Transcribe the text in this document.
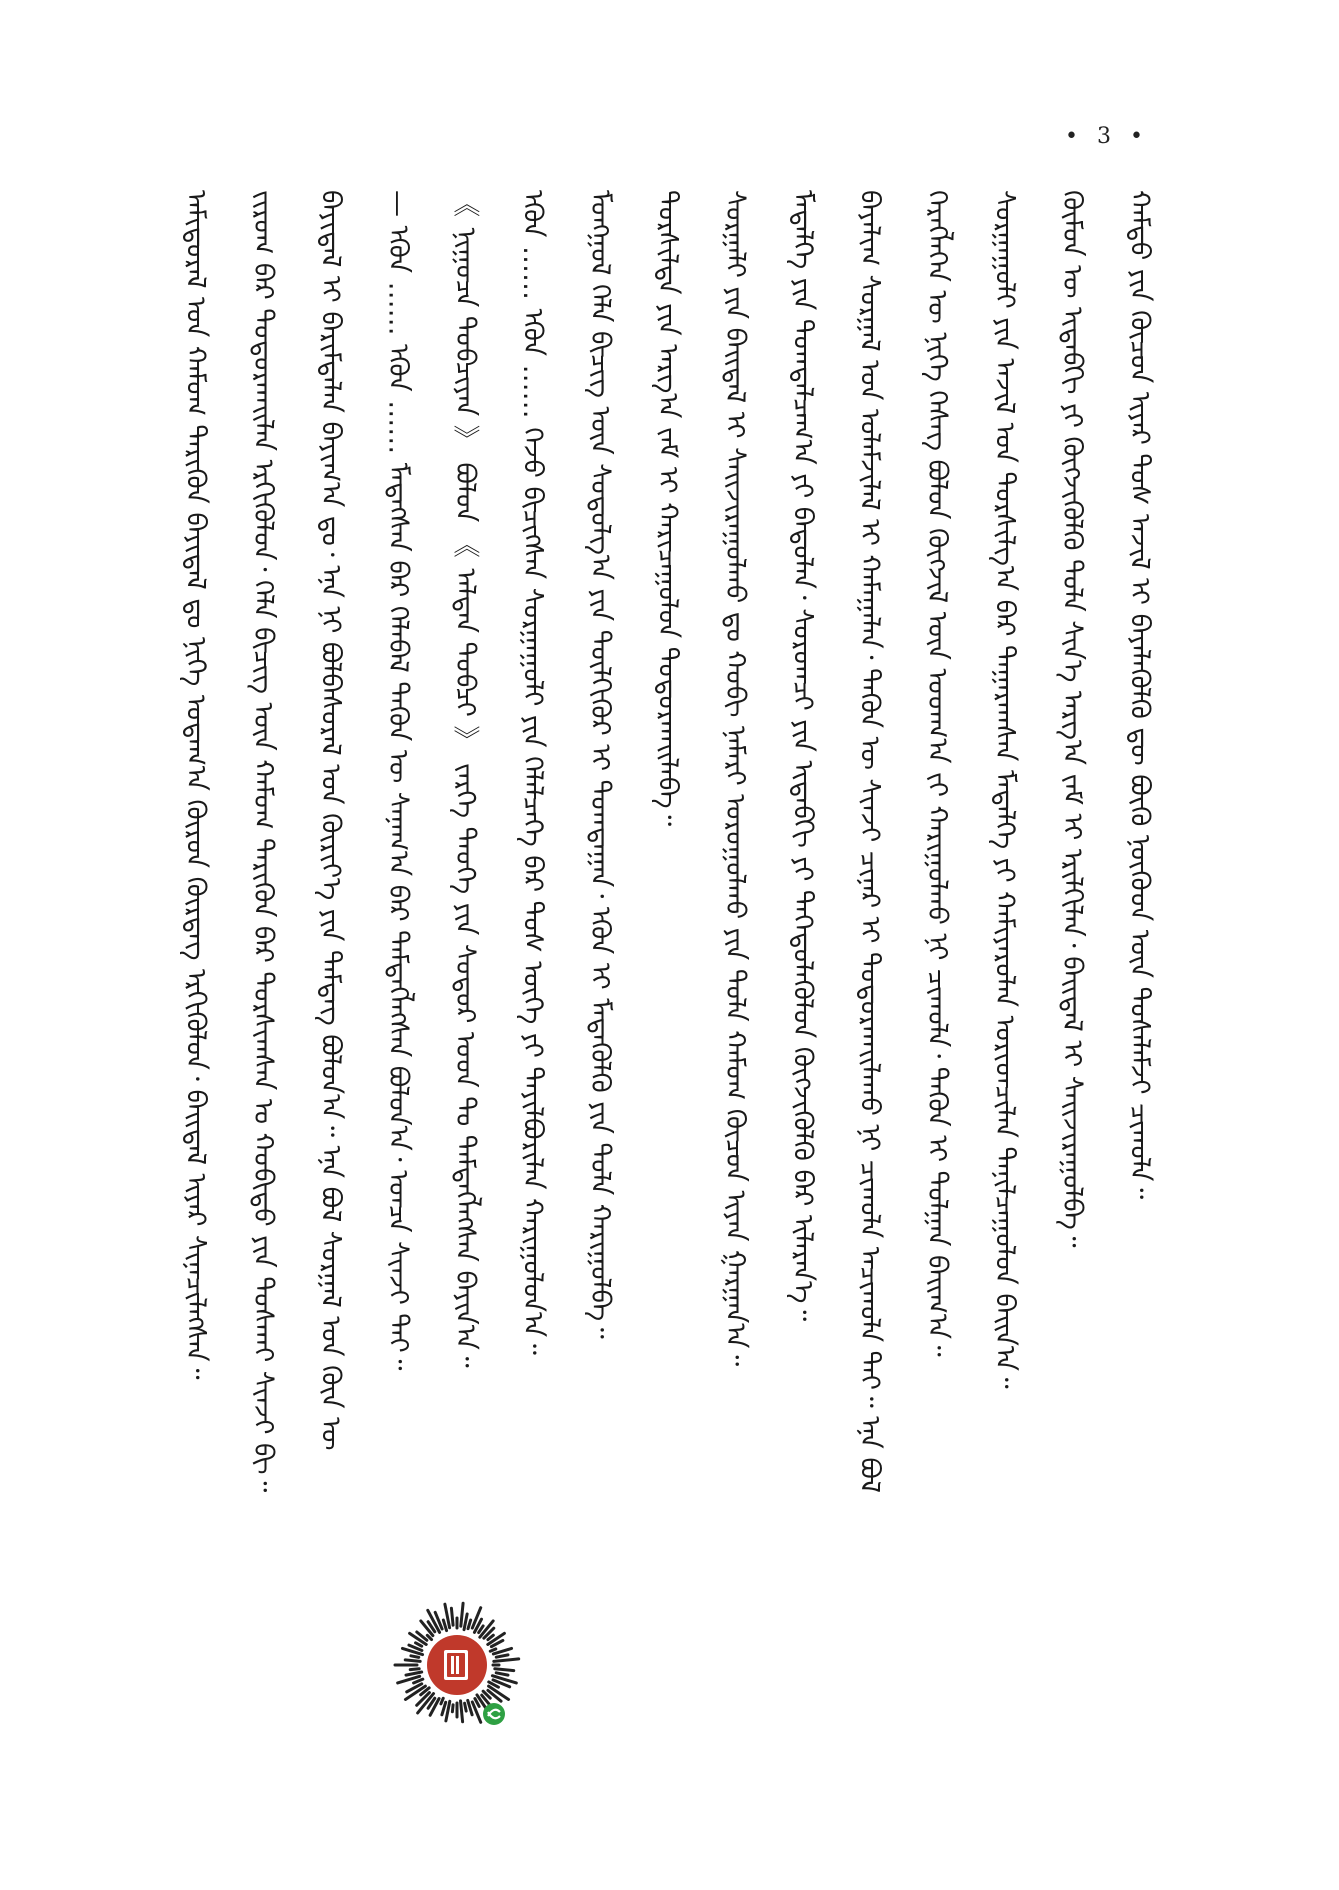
• 3 •
ᠠᠮᠢᠳᠤᠷᠠᠯ ᠤᠨ ᠬᠠᠮᠤᠭ ᠲᠡᠷᠢᠭᠦᠨ ᠪᠠᠶᠢᠳᠠᠯ ᠳᠤ ᠨᠢᠭᠡ ᠤᠳᠠᠭ᠎ᠠ ᠬᠦᠷᠦᠨ ᠬᠦᠷᠳᠡᠭ ᠡᠷᠭᠢᠭᠦᠯᠦᠨ᠂ ᠪᠠᠢᠳᠠᠯ ᠢᠶᠠᠷ ᠰᠢᠨᠡᠴᠢᠯᠡᠭᠰᠡᠨ᠃	ᠵᠢᠷᠤᠭ ᠪᠡᠷ ᠲᠤᠳᠤᠷᠬᠠᠢᠯᠠᠨ ᠡᠷᠭᠢᠭᠦᠯᠦᠨ᠂ ᠬᠡᠯᠡ ᠪᠢᠴᠢᠭ ᠦᠨ ᠬᠠᠮᠤᠭ ᠲᠡᠷᠢᠭᠦᠨ ᠪᠡᠷ ᠲᠤᠷᠰᠢᠭᠰᠠᠨ ᠤ ᠬᠤᠪᠢᠳᠤ ᠶᠢᠨ ᠲᠤᠰᠬᠠᠢ ᠰᠢᠨᠵᠢ ᠪᠢ᠃	ᠪᠠᠶᠢᠳᠠᠯ ᠢ ᠪᠠᠷᠢᠮᠲᠠᠯᠠᠨ ᠪᠠᠶᠢᠭ᠎ᠠ ᠳᠤ᠂ ᠡᠨᠡ ᠨᠢ ᠪᠤᠯᠪᠠᠰᠤᠷᠠᠯ ᠤᠨ ᠬᠦᠷᠢᠶ᠎ᠡ ᠶᠢᠨ ᠲᠡᠮᠳᠡᠭ ᠪᠤᠯᠤᠨ᠎ᠠ᠃ ᠡᠨᠡ ᠪᠤᠯ ᠰᠤᠷᠭᠠᠯ ᠤᠨ ᠬᠦᠨ ᠦ	— ᠡᠭᠦᠨ …… ᠡᠭᠦᠨ …… ᠮᠡᠳᠡᠭᠰᠡᠨ ᠪᠡᠷ ᠬᠡᠯᠡᠪᠡᠯ ᠲᠡᠭᠦᠨ ᠦ ᠰᠠᠨᠠᠭ᠎ᠠ ᠪᠡᠷ ᠲᠡᠮᠳᠡᠭᠯᠡᠭᠰᠡᠨ ᠪᠤᠯᠤᠨ᠎ᠠ᠂ ᠣᠨᠴᠠ ᠰᠢᠨᠵᠢ ᠲᠡᠢ᠃	《 ᠨᠢᠭᠤᠴᠠ ᠲᠣᠪᠴᠢᠶᠠᠨ 》 ᠪᠣᠯᠣᠨ 《 ᠠᠯᠲᠠᠨ ᠲᠣᠪᠴᠢ 》 ᠵᠡᠷᠭᠡ ᠲᠡᠦᠬᠡ ᠶᠢᠨ ᠰᠤᠳᠤᠷ ᠤᠳ ᠲᠤ ᠲᠡᠮᠳᠡᠭᠯᠡᠭᠰᠡᠨ ᠪᠠᠶᠢᠨ᠎ᠠ᠃	ᠡᠭᠦᠨ …… ᠡᠭᠦᠨ …… ᠭᠡᠵᠦ ᠪᠢᠴᠢᠭᠰᠡᠨ ᠰᠤᠷᠭᠠᠭᠤᠯᠢ ᠶᠢᠨ ᠬᠡᠯᠡᠯᠴᠡᠭᠡ ᠪᠡᠷ ᠲᠤᠰ ᠦᠭᠡ ᠶᠢ ᠲᠠᠶᠢᠯᠪᠤᠷᠢᠯᠠᠨ ᠬᠠᠷᠢᠭᠤᠯᠤᠨ᠎ᠠ᠃	ᠮᠤᠩᠭᠤᠯ ᠬᠡᠯᠡ ᠪᠢᠴᠢᠭ ᠦᠨ ᠰᠤᠳᠤᠯᠭ᠎ᠠ ᠶᠢᠨ ᠲᠦᠯᠬᠢᠭᠦᠷ ᠢ ᠲᠣᠭᠲᠠᠭᠠᠨ᠂ ᠡᠭᠦᠨ ᠢ ᠮᠡᠳᠡᠭᠦᠯᠬᠦ ᠶᠢᠨ ᠲᠤᠯᠠ ᠬᠠᠷᠢᠭᠤᠯᠪᠠ᠃	ᠲᠤᠷᠰᠢᠯᠲᠠ ᠶᠢᠨ ᠠᠷᠭ᠎ᠠ ᠵᠠᠮ ᠢ ᠬᠠᠷᠢᠴᠠᠭᠤᠯᠤᠨ ᠲᠣᠳᠤᠷᠬᠠᠢᠯᠠᠪᠠ᠃	ᠰᠤᠷᠭᠠᠯᠢ ᠶᠢᠨ ᠪᠠᠢᠳᠠᠯ ᠢ ᠰᠠᠢᠵᠢᠷᠠᠭᠤᠯᠬᠤ ᠳᠤ ᠬᠤᠪᠢ ᠨᠡᠮᠡᠷᠢ ᠣᠷᠣᠭᠤᠯᠬᠤ ᠶᠢᠨ ᠲᠤᠯᠠ ᠬᠠᠮᠤᠭ ᠬᠦᠴᠦᠨ ᠢᠶᠡᠨ ᠭᠠᠷᠭᠠᠨ᠎ᠠ᠃	ᠮᠡᠳᠡᠯᠭᠡ ᠶᠢᠨ ᠲᠣᠭᠲᠠᠯᠴᠠᠭ᠎ᠠ ᠶᠢ ᠪᠠᠲᠤᠯᠠᠨ᠂ ᠰᠤᠷᠤᠭᠴᠢ ᠶᠢᠨ ᠢᠳᠡᠪᠬᠢ ᠶᠢ ᠳᠡᠭᠡᠳᠦᠯᠡᠭᠦᠯᠦᠨ ᠬᠥᠭᠵᠢᠭᠦᠯᠬᠦ ᠪᠡᠷ ᠢᠯᠡᠷᠡᠨ᠎ᠡ᠃	ᠪᠠᠶᠠᠯᠢᠭ ᠰᠤᠷᠭᠠᠯ ᠤᠨ ᠤᠯᠠᠮᠵᠢᠯᠠᠯ ᠢ ᠬᠠᠮᠠᠭᠠᠯᠠᠨ᠂ ᠲᠡᠭᠦᠨ ᠦ ᠰᠢᠨᠵᠢ ᠴᠢᠨᠠᠷ ᠢ ᠲᠣᠳᠤᠷᠬᠠᠢᠯᠠᠬᠤ ᠨᠢ ᠴᠢᠬᠤᠯᠠ ᠠᠴᠢᠬᠤᠯᠠ ᠲᠠᠢ᠃ ᠡᠨᠡ ᠪᠣᠯ	ᠬᠡᠷᠡᠭᠯᠡᠭᠡᠨ ᠦ ᠨᠢᠭᠡ ᠬᠡᠰᠡᠭ ᠪᠣᠯᠣᠨ ᠬᠥᠭᠵᠢᠯ ᠦᠨ ᠤᠳᠬ᠎ᠠ ᠵᠢ ᠬᠠᠷᠢᠭᠤᠯᠬᠤ ᠨᠢ ᠴᠢᠬᠤᠯᠠ᠂ ᠲᠡᠭᠦᠨ ᠢ ᠲᠤᠯᠭᠠᠨ ᠪᠠᠢᠭ᠎ᠠ᠃	ᠰᠤᠷᠭᠠᠭᠤᠯᠢ ᠶᠢᠨ ᠠᠵᠢᠯ ᠤᠨ ᠲᠤᠷᠰᠢᠯᠭ᠎ᠠ ᠪᠡᠷ ᠲᠠᠭᠠᠷᠠᠭᠰᠠᠨ ᠮᠡᠳᠡᠯᠭᠡ ᠶᠢ ᠬᠠᠮᠢᠶᠠᠷᠤᠯᠠᠨ ᠤᠷᠢᠳᠴᠢᠯᠠᠨ ᠲᠠᠨᠢᠯᠴᠠᠭᠤᠯᠤᠨ ᠪᠠᠢᠨ᠎ᠠ᠃	ᠬᠦᠮᠦᠨ ᠦ ᠢᠳᠡᠪᠬᠢ ᠶᠢ ᠬᠥᠭᠵᠢᠭᠦᠯᠬᠦ ᠲᠤᠯᠠ ᠰᠢᠨ᠎ᠡ ᠠᠷᠭ᠎ᠠ ᠵᠠᠮ ᠢ ᠡᠷᠢᠯᠬᠢᠯᠡᠨ᠂ ᠪᠠᠢᠳᠠᠯ ᠢ ᠰᠠᠢᠵᠢᠷᠠᠭᠤᠯᠪᠠ᠃	ᠬᠠᠮᠲᠤ ᠶᠢᠨ ᠬᠦᠴᠦᠨ ᠢᠶᠡᠷ ᠲᠤᠰ ᠠᠵᠢᠯ ᠢ ᠪᠡᠶᠡᠯᠡᠭᠦᠯᠬᠦ ᠳᠦ ᠪᠦᠬᠦ ᠨᠥᠬᠥᠳ ᠦᠨ ᠲᠤᠰᠠᠯᠠᠮᠵᠢ ᠴᠢᠬᠤᠯᠠ᠃
